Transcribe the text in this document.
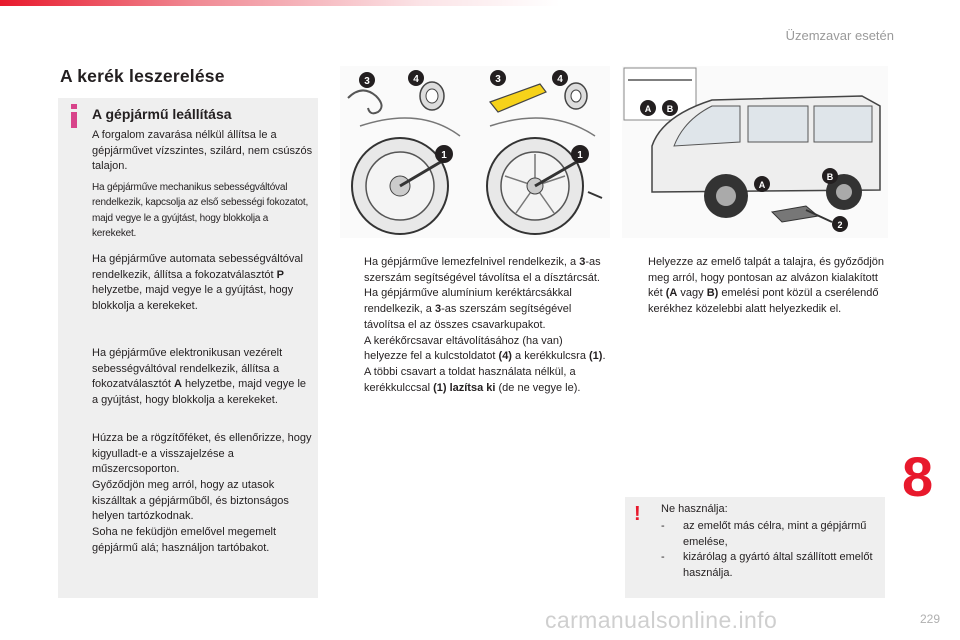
Üzemzavar esetén
A kerék leszerelése
A gépjármű leállítása
A forgalom zavarása nélkül állítsa le a gépjárművet vízszintes, szilárd, nem csúszós talajon.
Ha gépjárműve mechanikus sebességváltóval rendelkezik, kapcsolja az első sebességi fokozatot, majd vegye le a gyújtást, hogy blokkolja a kerekeket.
Ha gépjárműve automata sebességváltóval rendelkezik, állítsa a fokozatválasztót P helyzetbe, majd vegye le a gyújtást, hogy blokkolja a kerekeket.
Ha gépjárműve elektronikusan vezérelt sebességváltóval rendelkezik, állítsa a fokozatválasztót A helyzetbe, majd vegye le a gyújtást, hogy blokkolja a kerekeket.
Húzza be a rögzítőféket, és ellenőrizze, hogy kigyulladt-e a visszajelzése a műszercsoporton.
Győződjön meg arról, hogy az utasok kiszálltak a gépjárműből, és biztonságos helyen tartózkodnak.
Soha ne feküdjön emelővel megemelt gépjármű alá; használjon tartóbakot.
3	4	3	4
1	1
A B
A
B
2
Ha gépjárműve lemezfelnivel rendelkezik, a 3-as szerszám segítségével távolítsa el a dísztárcsát.
Ha gépjárműve alumínium keréktárcsákkal rendelkezik, a 3-as szerszám segítségével távolítsa el az összes csavarkupakot.
A kerékőrcsavar eltávolításához (ha van) helyezze fel a kulcstoldatot (4) a kerékkulcsra (1).
A többi csavart a toldat használata nélkül, a kerékkulccsal (1) lazítsa ki (de ne vegye le).
Helyezze az emelő talpát a talajra, és győződjön meg arról, hogy pontosan az alvázon kialakított két (A vagy B) emelési pont közül a cserélendő kerékhez közelebbi alatt helyezkedik el.
! Ne használja:
-	az emelőt más célra, mint a gépjármű emelése,
-	kizárólag a gyártó által szállított emelőt használja.
8
carmanualsonline.info	229
